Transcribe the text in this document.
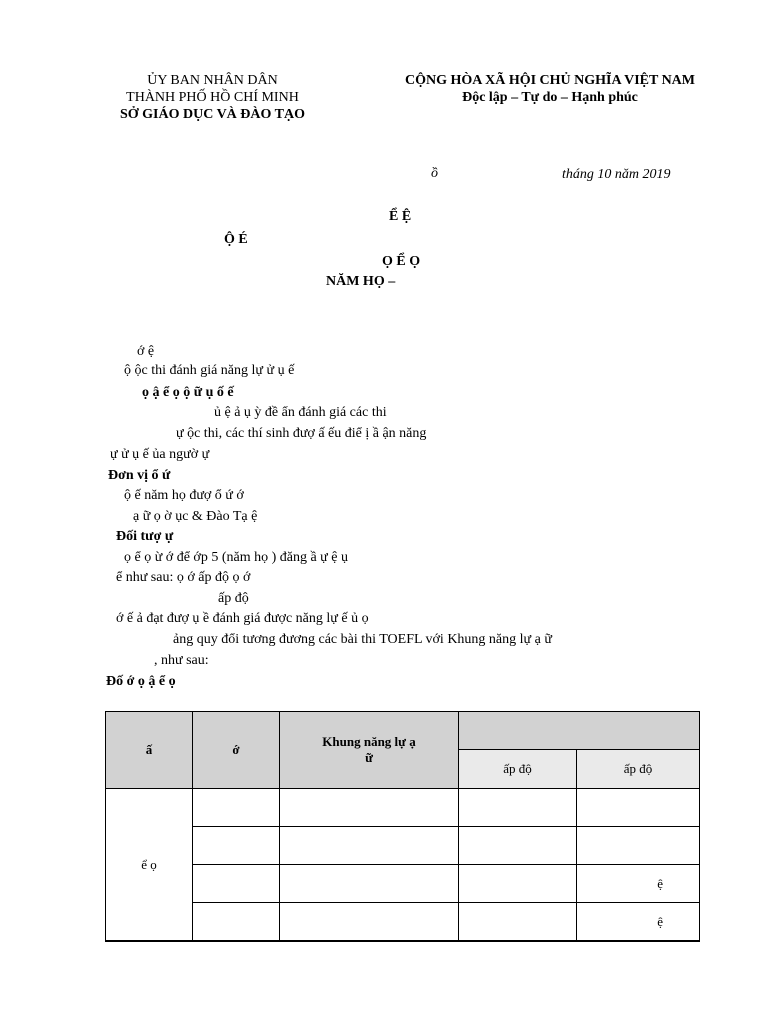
ỦY BAN NHÂN DÂN
THÀNH PHỐ HỒ CHÍ MINH
SỞ GIÁO DỤC VÀ ĐÀO TẠO
CỘNG HÒA XÃ HỘI CHỦ NGHĨA VIỆT NAM
Độc lập – Tự do – Hạnh phúc
ồ	tháng 10 năm 2019
Ể Ệ
Ộ É
Ọ Ể Ọ
NĂM HỌ –
ớ ệ
ộ ộc thi đánh giá năng lự ử ụ ế
ọ ậ ể ọ ộ ữ ụ ố ế
ủ ệ ả ụ ỳ đề ẩn đánh giá các thi
ự ộc thi, các thí sinh đượ ấ ếu điể ị ầ ận năng
ự ử ụ ế ủa ngườ ự
Đơn vị ổ ứ
ộ ế năm họ đượ ổ ứ ớ
ạ ữ ọ ờ ục & Đào Tạ ệ
Đối tượ ự
ọ ể ọ ừ ớ để ớp 5 (năm họ ) đăng ầ ự ệ ụ
ể như sau: ọ ớ ấp độ ọ ớ
ấp độ
ớ ế ả đạt đượ ụ ề đánh giá được năng lự ế ủ ọ
ảng quy đổi tương đương các bài thi TOEFL với Khung năng lự ạ ữ
, như sau:
Đố ớ ọ ậ ể ọ
ấ	ớ	Khung năng lự ạ
ữ		

			ấp độ	ấp độ
ể ọ				

				ệ

				ệ
